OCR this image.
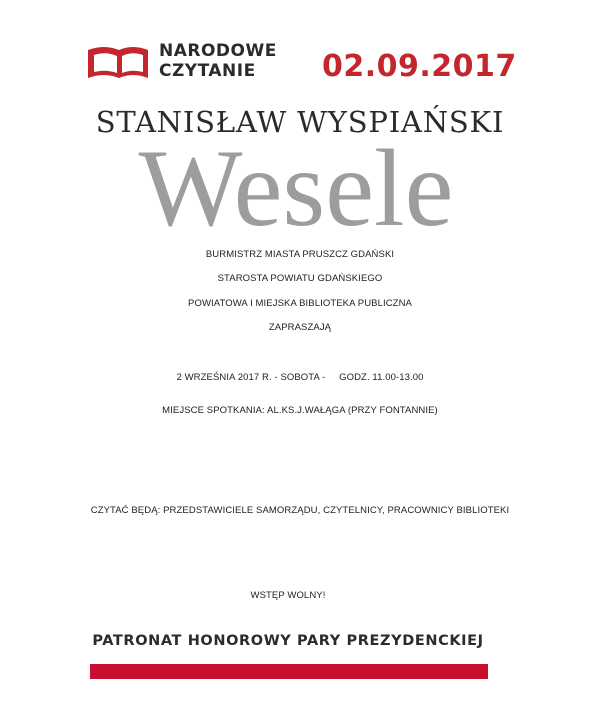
NARODOWE
CZYTANIE	02.09.2017
STANISŁAW WYSPIAŃSKI
Wesele
BURMISTRZ MIASTA PRUSZCZ GDAŃSKI
STAROSTA POWIATU GDAŃSKIEGO
POWIATOWA I MIEJSKA BIBLIOTEKA PUBLICZNA
ZAPRASZAJĄ
2 WRZEŚNIA 2017 R. - SOBOTA -     GODZ. 11.00-13.00
MIEJSCE SPOTKANIA: AL.KS.J.WAŁĄGA (PRZY FONTANNIE)
CZYTAĆ BĘDĄ: PRZEDSTAWICIELE SAMORZĄDU, CZYTELNICY, PRACOWNICY BIBLIOTEKI
WSTĘP WOLNY!
PATRONAT HONOROWY PARY PREZYDENCKIEJ
